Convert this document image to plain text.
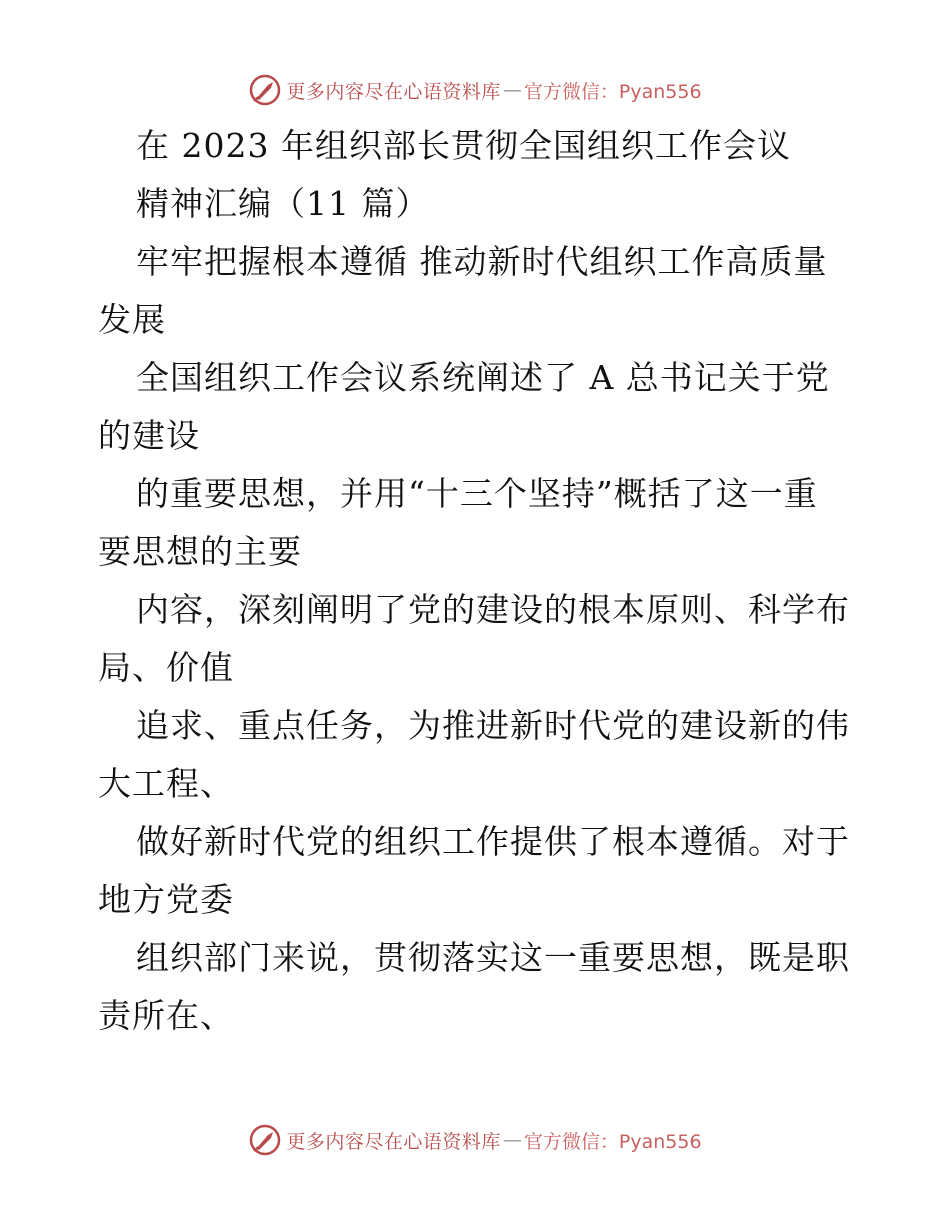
更多内容尽在心语资料库 — 官方微信：Pyan556
在 2023 年组织部长贯彻全国组织工作会议
精神汇编（11 篇）
牢牢把握根本遵循 推动新时代组织工作高质量
发展
全国组织工作会议系统阐述了 A 总书记关于党
的建设
的重要思想，并用“十三个坚持”概括了这一重
要思想的主要
内容，深刻阐明了党的建设的根本原则、科学布
局、价值
追求、重点任务，为推进新时代党的建设新的伟
大工程、
做好新时代党的组织工作提供了根本遵循。对于
地方党委
组织部门来说，贯彻落实这一重要思想，既是职
责所在、
更多内容尽在心语资料库 — 官方微信：Pyan556
